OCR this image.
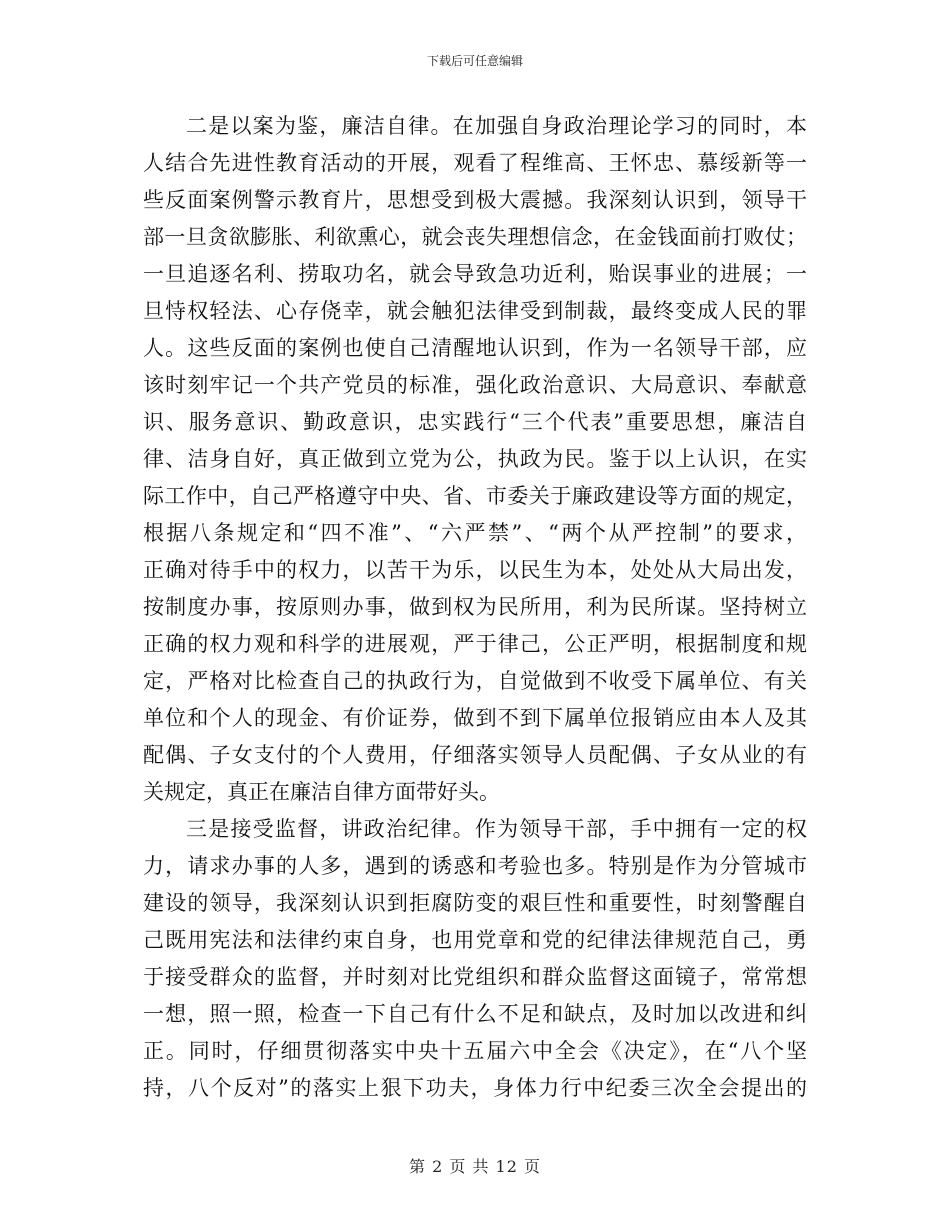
下载后可任意编辑
二是以案为鉴，廉洁自律。在加强自身政治理论学习的同时，本
人结合先进性教育活动的开展，观看了程维高、王怀忠、慕绥新等一
些反面案例警示教育片，思想受到极大震撼。我深刻认识到，领导干
部一旦贪欲膨胀、利欲熏心，就会丧失理想信念，在金钱面前打败仗；
一旦追逐名利、捞取功名，就会导致急功近利，贻误事业的进展；一
旦恃权轻法、心存侥幸，就会触犯法律受到制裁，最终变成人民的罪
人。这些反面的案例也使自己清醒地认识到，作为一名领导干部，应
该时刻牢记一个共产党员的标准，强化政治意识、大局意识、奉献意
识、服务意识、勤政意识，忠实践行“三个代表”重要思想，廉洁自
律、洁身自好，真正做到立党为公，执政为民。鉴于以上认识，在实
际工作中，自己严格遵守中央、省、市委关于廉政建设等方面的规定，
根据八条规定和“四不准”、“六严禁”、“两个从严控制”的要求，
正确对待手中的权力，以苦干为乐，以民生为本，处处从大局出发，
按制度办事，按原则办事，做到权为民所用，利为民所谋。坚持树立
正确的权力观和科学的进展观，严于律己，公正严明，根据制度和规
定，严格对比检查自己的执政行为，自觉做到不收受下属单位、有关
单位和个人的现金、有价证券，做到不到下属单位报销应由本人及其
配偶、子女支付的个人费用，仔细落实领导人员配偶、子女从业的有
关规定，真正在廉洁自律方面带好头。
三是接受监督，讲政治纪律。作为领导干部，手中拥有一定的权
力，请求办事的人多，遇到的诱惑和考验也多。特别是作为分管城市
建设的领导，我深刻认识到拒腐防变的艰巨性和重要性，时刻警醒自
己既用宪法和法律约束自身，也用党章和党的纪律法律规范自己，勇
于接受群众的监督，并时刻对比党组织和群众监督这面镜子，常常想
一想，照一照，检查一下自己有什么不足和缺点，及时加以改进和纠
正。同时，仔细贯彻落实中央十五届六中全会《决定》，在“八个坚
持，八个反对”的落实上狠下功夫，身体力行中纪委三次全会提出的
第 2 页 共 12 页
